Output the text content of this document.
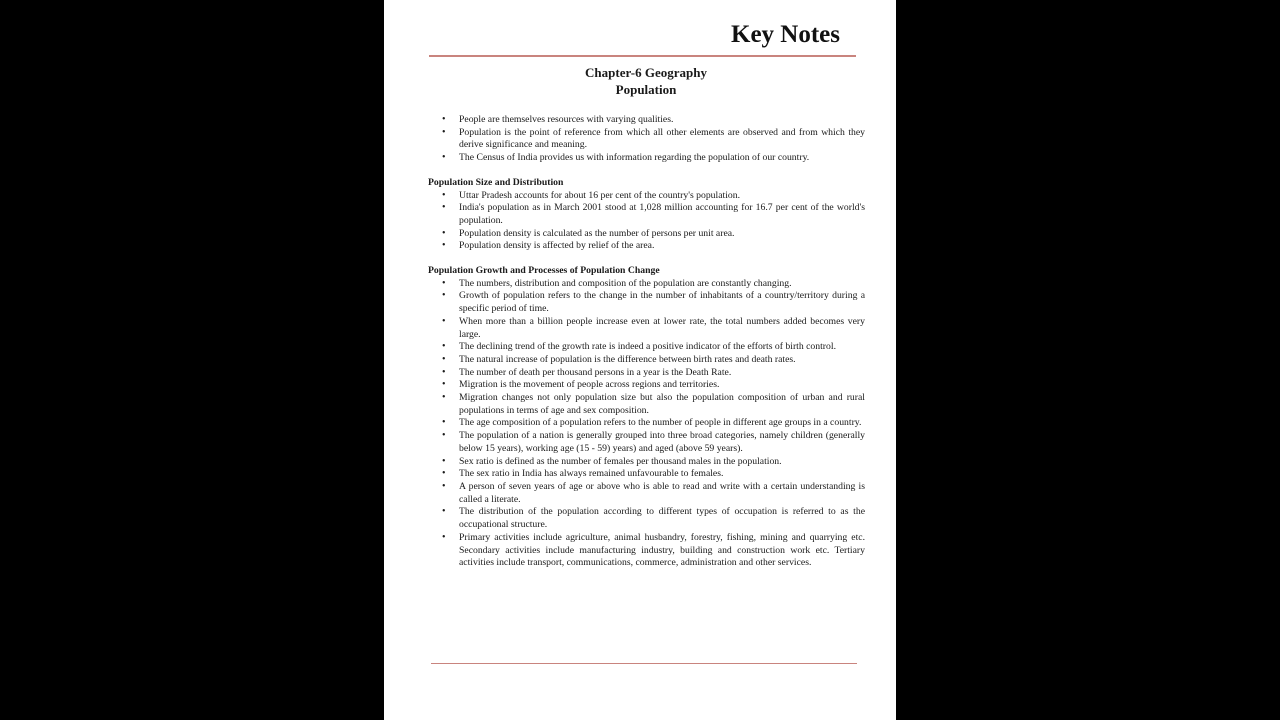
Key Notes
Chapter-6 Geography
Population
• People are themselves resources with varying qualities.
• Population is the point of reference from which all other elements are observed and from which they derive significance and meaning.
• The Census of India provides us with information regarding the population of our country.
Population Size and Distribution
• Uttar Pradesh accounts for about 16 per cent of the country's population.
• India's population as in March 2001 stood at 1,028 million accounting for 16.7 per cent of the world's population.
• Population density is calculated as the number of persons per unit area.
• Population density is affected by relief of the area.
Population Growth and Processes of Population Change
• The numbers, distribution and composition of the population are constantly changing.
• Growth of population refers to the change in the number of inhabitants of a country/territory during a specific period of time.
• When more than a billion people increase even at lower rate, the total numbers added becomes very large.
• The declining trend of the growth rate is indeed a positive indicator of the efforts of birth control.
• The natural increase of population is the difference between birth rates and death rates.
• The number of death per thousand persons in a year is the Death Rate.
• Migration is the movement of people across regions and territories.
• Migration changes not only population size but also the population composition of urban and rural populations in terms of age and sex composition.
• The age composition of a population refers to the number of people in different age groups in a country.
• The population of a nation is generally grouped into three broad categories, namely children (generally below 15 years), working age (15 - 59) years) and aged (above 59 years).
• Sex ratio is defined as the number of females per thousand males in the population.
• The sex ratio in India has always remained unfavourable to females.
• A person of seven years of age or above who is able to read and write with a certain understanding is called a literate.
• The distribution of the population according to different types of occupation is referred to as the occupational structure.
• Primary activities include agriculture, animal husbandry, forestry, fishing, mining and quarrying etc. Secondary activities include manufacturing industry, building and construction work etc. Tertiary activities include transport, communications, commerce, administration and other services.
